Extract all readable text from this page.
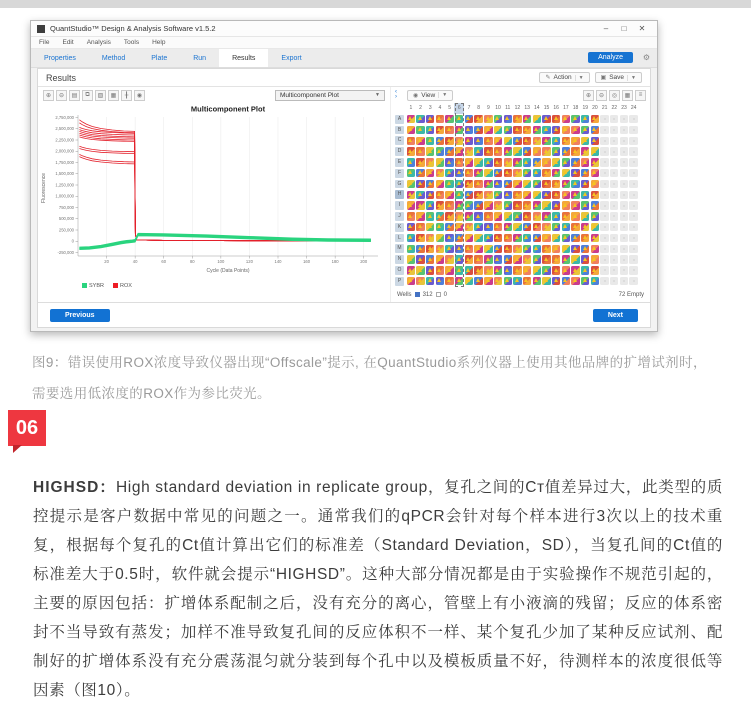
QuantStudio™ Design & Analysis Software v1.5.2	–	□	✕
File Edit Analysis Tools Help
Properties	Method	Plate	Run	Results	Export	Analyze	⚙
Results	✎ Action	▼	▣ Save	▼
⊕	⊖	▤	⧉	▧	▦	╂	◉	Multicomponent Plot	▼
-250,000
0
250,000
500,000
750,000
1,000,000
1,250,000
1,500,000
1,750,000
2,000,000
2,250,000
2,500,000
2,750,000
20	40	60	80	100	120	140	160	180	200
Multicomponent Plot
Cycle (Data Points)
Fluorescence
SYBR	ROX
‹
›	◉ View	▼	⊕	⊖	◎	▦	≡
1	2	3	4	5	6	7	8	9	10 11 12 13 14 15 16 17 18 19 20 21 22 23 24
A
B
C
D
E
F
G
H
I
J
K
L
M
N
O
P
Wells 312 0	72 Empty
Previous	Next
图9：错误使用ROX浓度导致仪器出现“Offscale”提示, 在QuantStudio系列仪器上使用其他品牌的扩增试剂时，
需要选用低浓度的ROX作为参比荧光。
06

HIGHSD：High standard deviation in replicate group，复孔之间的Cт值差异过大，此类型的质控提示是客户数据中常见的问题之一。通常我们的qPCR会针对每个样本进行3次以上的技术重复，根据每个复孔的Ct值计算出它们的标准差（Standard Deviation，SD），当复孔间的Ct值的标准差大于0.5时，软件就会提示“HIGHSD”。这种大部分情况都是由于实验操作不规范引起的，主要的原因包括：扩增体系配制之后，没有充分的离心，管壁上有小液滴的残留；反应的体系密封不当导致有蒸发；加样不准导致复孔间的反应体积不一样、某个复孔少加了某种反应试剂、配制好的扩增体系没有充分震荡混匀就分装到每个孔中以及模板质量不好，待测样本的浓度很低等因素（图10）。
